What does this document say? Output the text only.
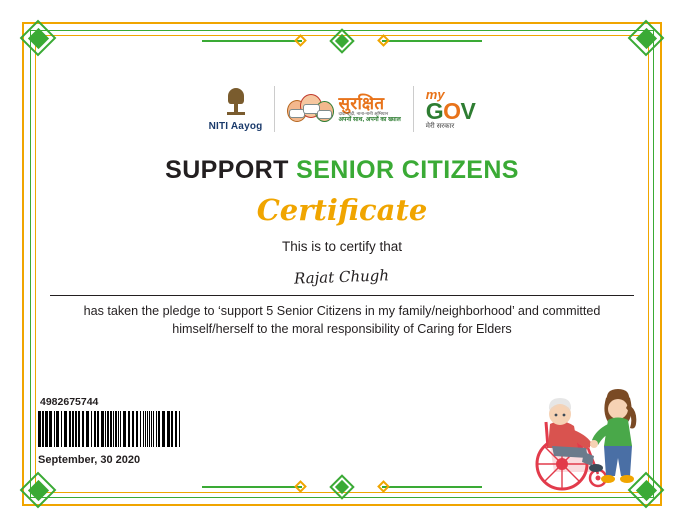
NITI Aayog
सुरक्षित
दादा-दादी, नाना-नानी अभियान
अपनों साथ, अपनों का ख्याल
my
GOV
मेरी सरकार
SUPPORT SENIOR CITIZENS
Certificate
This is to certify that
Rajat Chugh
has taken the pledge to ‘support 5 Senior Citizens in my family/neighborhood’ and committed himself/herself to the moral responsibility of Caring for Elders
4982675744
September, 30 2020
